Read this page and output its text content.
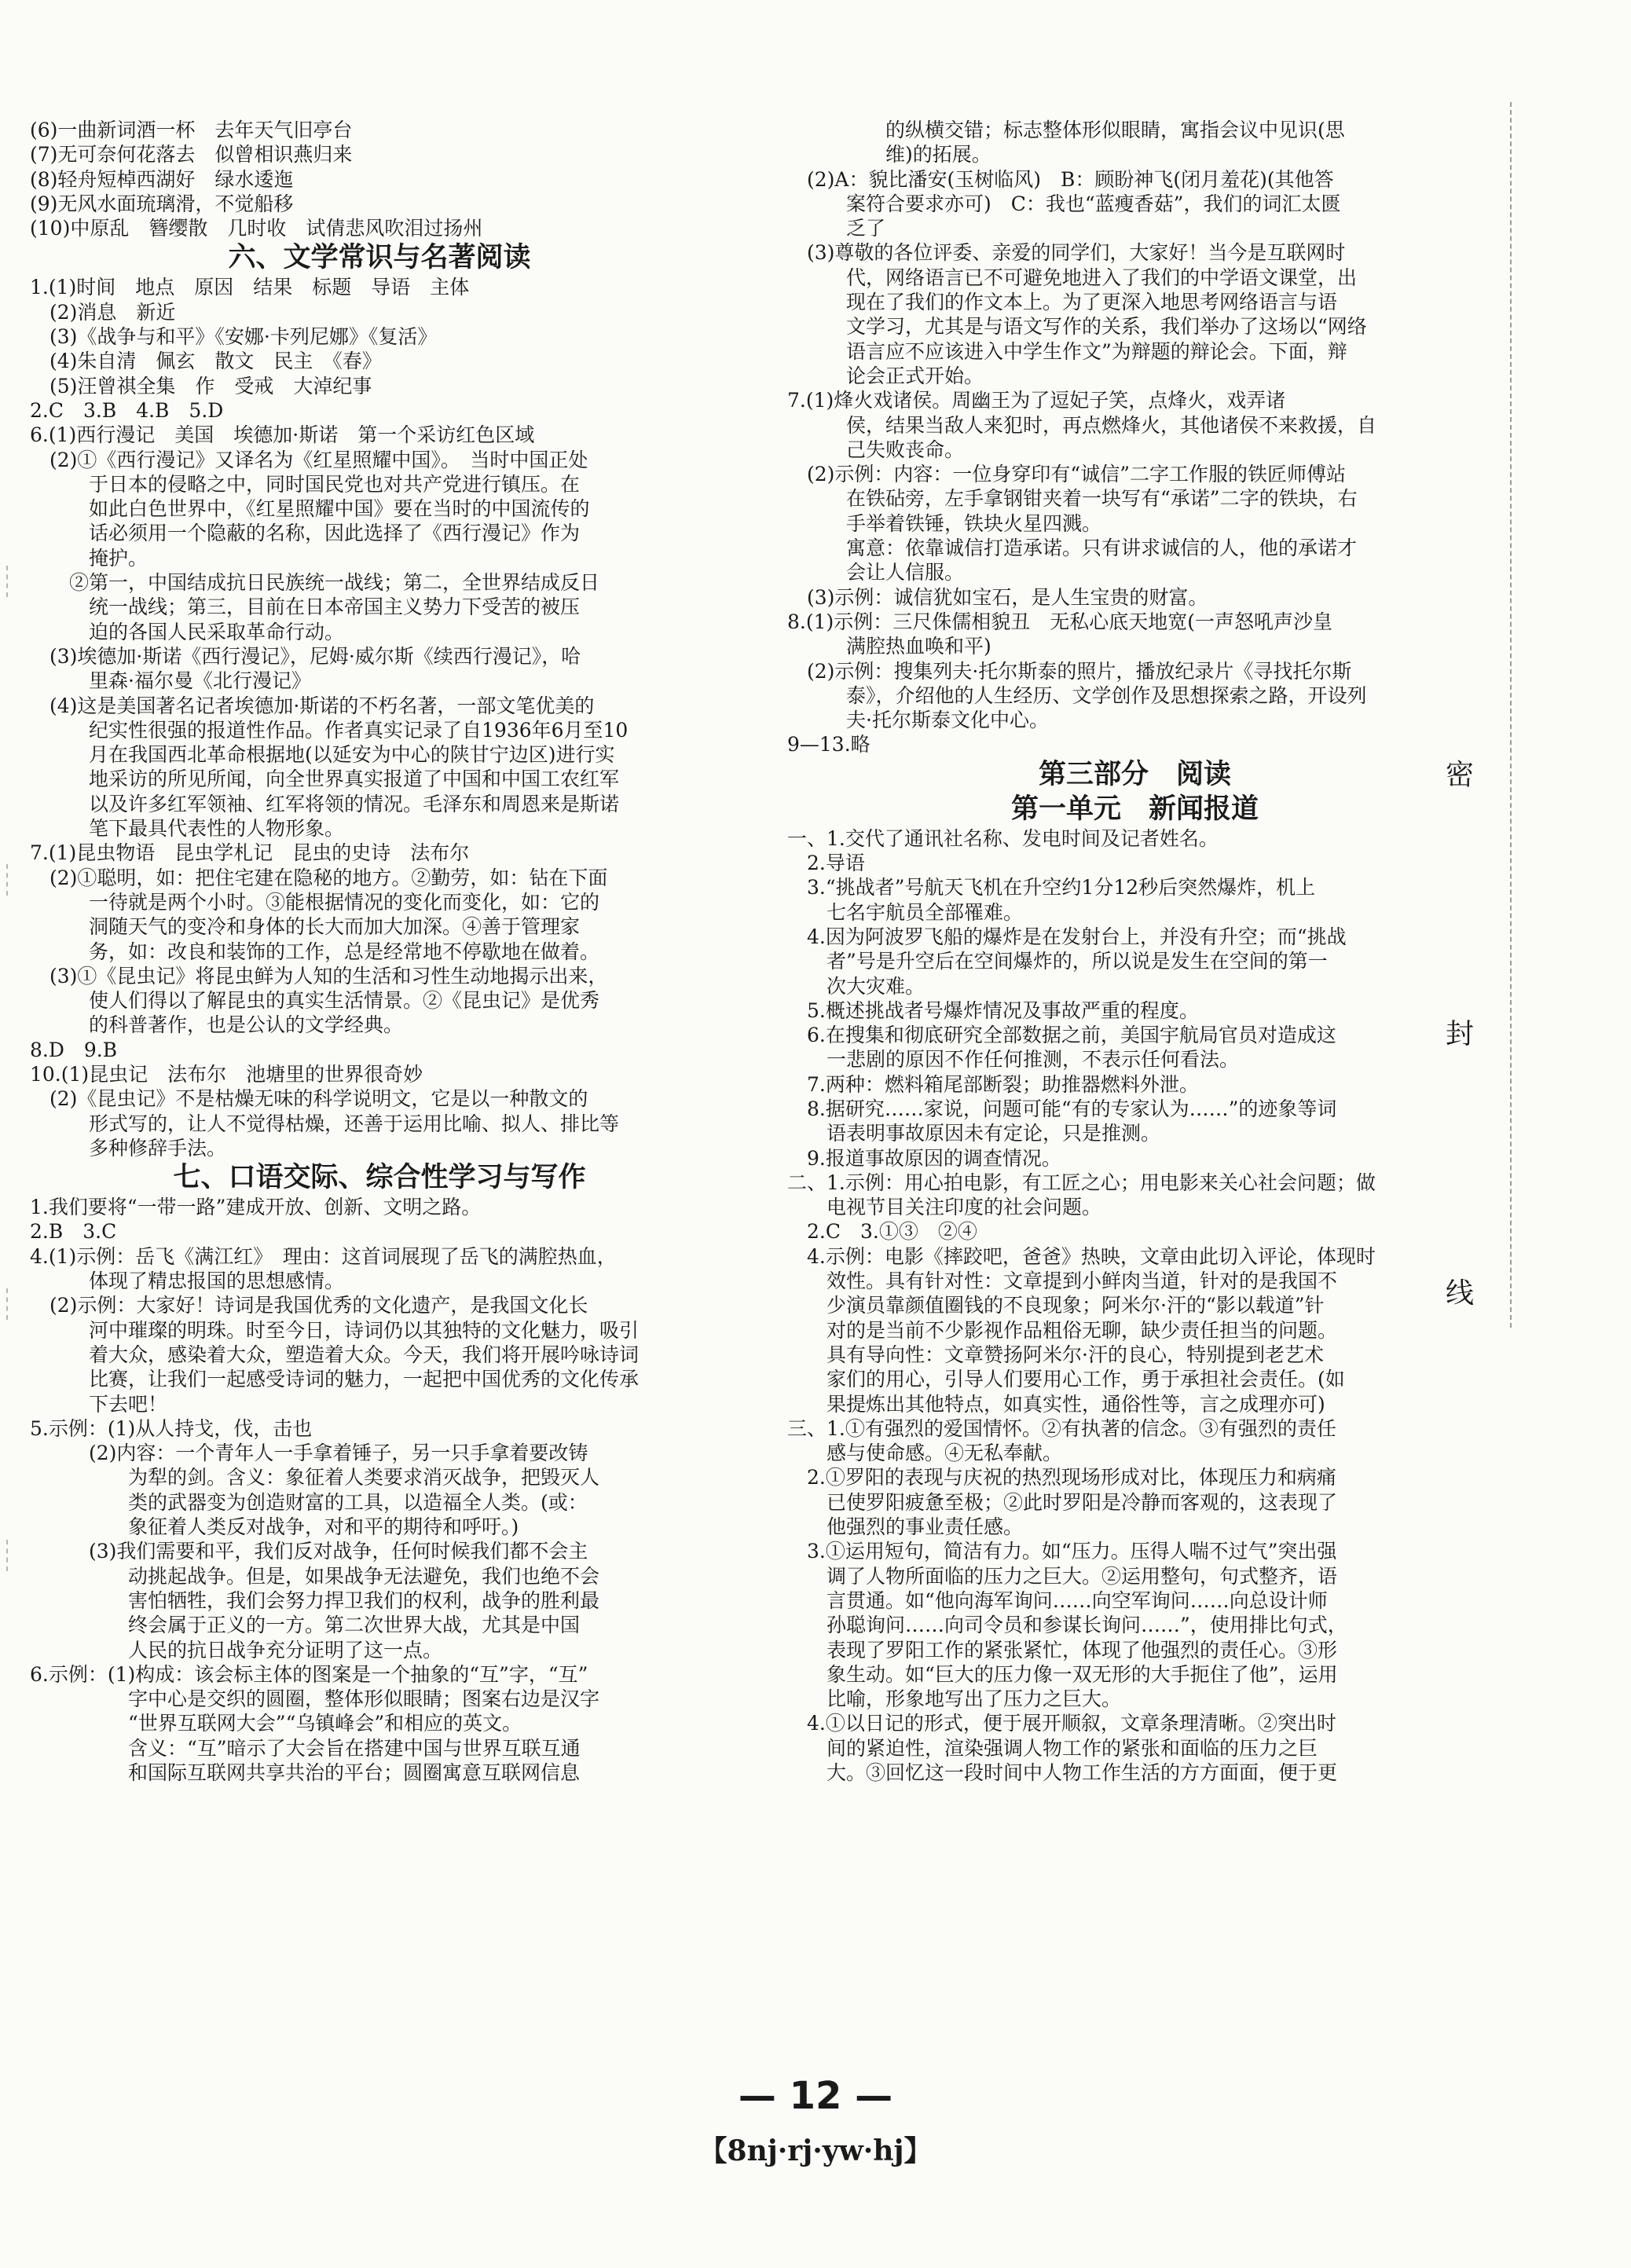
(6)一曲新词酒一杯　去年天气旧亭台
(7)无可奈何花落去　似曾相识燕归来
(8)轻舟短棹西湖好　绿水逶迤
(9)无风水面琉璃滑，不觉船移
(10)中原乱　簪缨散　几时收　试倩悲风吹泪过扬州
六、文学常识与名著阅读
1.(1)时间　地点　原因　结果　标题　导语　主体
　(2)消息　新近
　(3)《战争与和平》《安娜·卡列尼娜》《复活》
　(4)朱自清　佩玄　散文　民主　《春》
　(5)汪曾祺全集　作　受戒　大淖纪事
2.C　3.B　4.B　5.D
6.(1)西行漫记　美国　埃德加·斯诺　第一个采访红色区域
　(2)①《西行漫记》又译名为《红星照耀中国》。　当时中国正处
　　　于日本的侵略之中，同时国民党也对共产党进行镇压。在
　　　如此白色世界中，《红星照耀中国》要在当时的中国流传的
　　　话必须用一个隐蔽的名称，因此选择了《西行漫记》作为
　　　掩护。
　　②第一，中国结成抗日民族统一战线；第二，全世界结成反日
　　　统一战线；第三，目前在日本帝国主义势力下受苦的被压
　　　迫的各国人民采取革命行动。
　(3)埃德加·斯诺《西行漫记》，尼姆·威尔斯《续西行漫记》，哈
　　　里森·福尔曼《北行漫记》
　(4)这是美国著名记者埃德加·斯诺的不朽名著，一部文笔优美的
　　　纪实性很强的报道性作品。作者真实记录了自1936年6月至10
　　　月在我国西北革命根据地(以延安为中心的陕甘宁边区)进行实
　　　地采访的所见所闻，向全世界真实报道了中国和中国工农红军
　　　以及许多红军领袖、红军将领的情况。毛泽东和周恩来是斯诺
　　　笔下最具代表性的人物形象。
7.(1)昆虫物语　昆虫学札记　昆虫的史诗　法布尔
　(2)①聪明，如：把住宅建在隐秘的地方。②勤劳，如：钻在下面
　　　一待就是两个小时。③能根据情况的变化而变化，如：它的
　　　洞随天气的变冷和身体的长大而加大加深。④善于管理家
　　　务，如：改良和装饰的工作，总是经常地不停歇地在做着。
　(3)①《昆虫记》将昆虫鲜为人知的生活和习性生动地揭示出来，
　　　使人们得以了解昆虫的真实生活情景。②《昆虫记》是优秀
　　　的科普著作，也是公认的文学经典。
8.D　9.B
10.(1)昆虫记　法布尔　池塘里的世界很奇妙
　(2)《昆虫记》不是枯燥无味的科学说明文，它是以一种散文的
　　　形式写的，让人不觉得枯燥，还善于运用比喻、拟人、排比等
　　　多种修辞手法。
七、口语交际、综合性学习与写作
1.我们要将“一带一路”建成开放、创新、文明之路。
2.B　3.C
4.(1)示例：岳飞《满江红》　理由：这首词展现了岳飞的满腔热血，
　　　体现了精忠报国的思想感情。
　(2)示例：大家好！诗词是我国优秀的文化遗产，是我国文化长
　　　河中璀璨的明珠。时至今日，诗词仍以其独特的文化魅力，吸引
　　　着大众，感染着大众，塑造着大众。今天，我们将开展吟咏诗词
　　　比赛，让我们一起感受诗词的魅力，一起把中国优秀的文化传承
　　　下去吧！
5.示例：(1)从人持戈，伐，击也
　　　(2)内容：一个青年人一手拿着锤子，另一只手拿着要改铸
　　　　　为犁的剑。含义：象征着人类要求消灭战争，把毁灭人
　　　　　类的武器变为创造财富的工具，以造福全人类。(或：
　　　　　象征着人类反对战争，对和平的期待和呼吁。)
　　　(3)我们需要和平，我们反对战争，任何时候我们都不会主
　　　　　动挑起战争。但是，如果战争无法避免，我们也绝不会
　　　　　害怕牺牲，我们会努力捍卫我们的权利，战争的胜利最
　　　　　终会属于正义的一方。第二次世界大战，尤其是中国
　　　　　人民的抗日战争充分证明了这一点。
6.示例：(1)构成：该会标主体的图案是一个抽象的“互”字，“互”
　　　　　字中心是交织的圆圈，整体形似眼睛；图案右边是汉字
　　　　　“世界互联网大会”“乌镇峰会”和相应的英文。
　　　　　含义：“互”暗示了大会旨在搭建中国与世界互联互通
　　　　　和国际互联网共享共治的平台；圆圈寓意互联网信息
　　　　　的纵横交错；标志整体形似眼睛，寓指会议中见识(思
　　　　　维)的拓展。
　(2)A：貌比潘安(玉树临风)　B：顾盼神飞(闭月羞花)(其他答
　　　案符合要求亦可)　C：我也“蓝瘦香菇”，我们的词汇太匮
　　　乏了
　(3)尊敬的各位评委、亲爱的同学们，大家好！当今是互联网时
　　　代，网络语言已不可避免地进入了我们的中学语文课堂，出
　　　现在了我们的作文本上。为了更深入地思考网络语言与语
　　　文学习，尤其是与语文写作的关系，我们举办了这场以“网络
　　　语言应不应该进入中学生作文”为辩题的辩论会。下面，辩
　　　论会正式开始。
7.(1)烽火戏诸侯。周幽王为了逗妃子笑，点烽火，戏弄诸
　　　侯，结果当敌人来犯时，再点燃烽火，其他诸侯不来救援，自
　　　己失败丧命。
　(2)示例：内容：一位身穿印有“诚信”二字工作服的铁匠师傅站
　　　在铁砧旁，左手拿钢钳夹着一块写有“承诺”二字的铁块，右
　　　手举着铁锤，铁块火星四溅。
　　　寓意：依靠诚信打造承诺。只有讲求诚信的人，他的承诺才
　　　会让人信服。
　(3)示例：诚信犹如宝石，是人生宝贵的财富。
8.(1)示例：三尺侏儒相貌丑　无私心底天地宽(一声怒吼声沙皇
　　　满腔热血唤和平)
　(2)示例：搜集列夫·托尔斯泰的照片，播放纪录片《寻找托尔斯
　　　泰》，介绍他的人生经历、文学创作及思想探索之路，开设列
　　　夫·托尔斯泰文化中心。
9—13.略
第三部分　阅读
第一单元　新闻报道
一、1.交代了通讯社名称、发电时间及记者姓名。
　2.导语
　3.“挑战者”号航天飞机在升空约1分12秒后突然爆炸，机上
　　七名宇航员全部罹难。
　4.因为阿波罗飞船的爆炸是在发射台上，并没有升空；而“挑战
　　者”号是升空后在空间爆炸的，所以说是发生在空间的第一
　　次大灾难。
　5.概述挑战者号爆炸情况及事故严重的程度。
　6.在搜集和彻底研究全部数据之前，美国宇航局官员对造成这
　　一悲剧的原因不作任何推测，不表示任何看法。
　7.两种：燃料箱尾部断裂；助推器燃料外泄。
　8.据研究……家说，问题可能“有的专家认为……”的迹象等词
　　语表明事故原因未有定论，只是推测。
　9.报道事故原因的调查情况。
二、1.示例：用心拍电影，有工匠之心；用电影来关心社会问题；做
　　电视节目关注印度的社会问题。
　2.C　3.①③　②④
　4.示例：电影《摔跤吧，爸爸》热映，文章由此切入评论，体现时
　　效性。具有针对性：文章提到小鲜肉当道，针对的是我国不
　　少演员靠颜值圈钱的不良现象；阿米尔·汗的“影以载道”针
　　对的是当前不少影视作品粗俗无聊，缺少责任担当的问题。
　　具有导向性：文章赞扬阿米尔·汗的良心，特别提到老艺术
　　家们的用心，引导人们要用心工作，勇于承担社会责任。(如
　　果提炼出其他特点，如真实性，通俗性等，言之成理亦可)
三、1.①有强烈的爱国情怀。②有执著的信念。③有强烈的责任
　　感与使命感。④无私奉献。
　2.①罗阳的表现与庆祝的热烈现场形成对比，体现压力和病痛
　　已使罗阳疲惫至极；②此时罗阳是冷静而客观的，这表现了
　　他强烈的事业责任感。
　3.①运用短句，简洁有力。如“压力。压得人喘不过气”突出强
　　调了人物所面临的压力之巨大。②运用整句，句式整齐，语
　　言贯通。如“他向海军询问……向空军询问……向总设计师
　　孙聪询问……向司令员和参谋长询问……”，使用排比句式，
　　表现了罗阳工作的紧张紧忙，体现了他强烈的责任心。③形
　　象生动。如“巨大的压力像一双无形的大手扼住了他”，运用
　　比喻，形象地写出了压力之巨大。
　4.①以日记的形式，便于展开顺叙，文章条理清晰。②突出时
　　间的紧迫性，渲染强调人物工作的紧张和面临的压力之巨
　　大。③回忆这一段时间中人物工作生活的方方面面，便于更
密
封
线
— 12 —
【8nj·rj·yw·hj】
